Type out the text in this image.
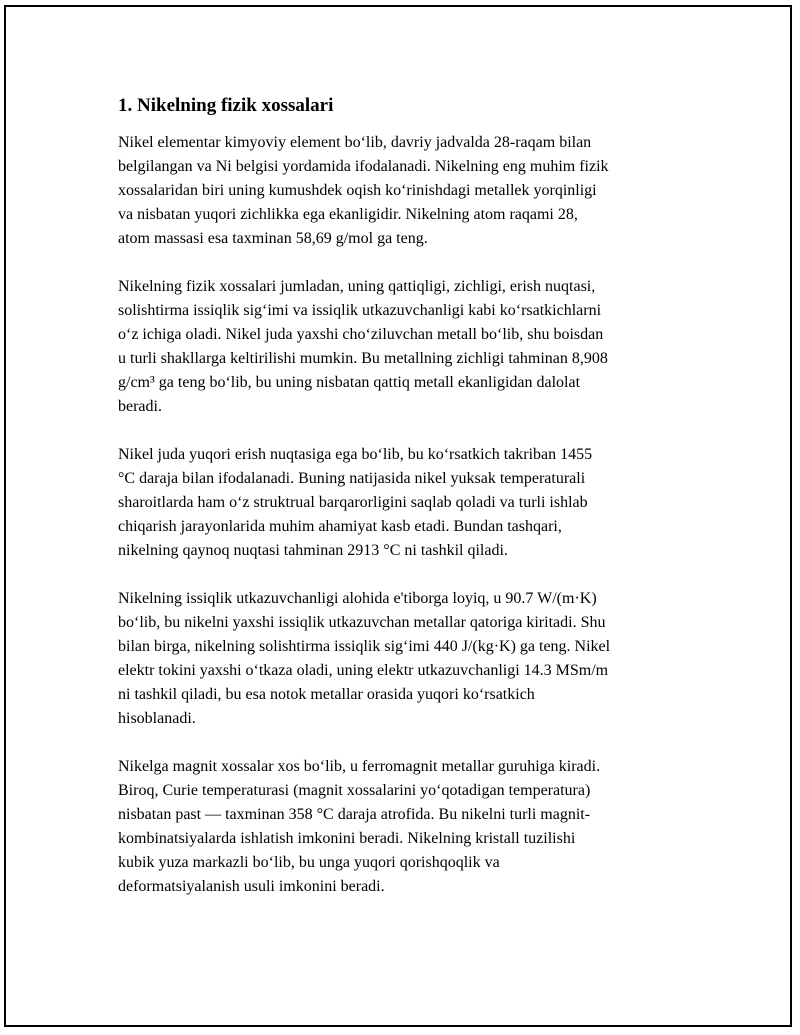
1. Nikelning fizik xossalari

Nikel elementar kimyoviy element bo‘lib, davriy jadvalda 28-raqam bilan
belgilangan va Ni belgisi yordamida ifodalanadi. Nikelning eng muhim fizik
xossalaridan biri uning kumushdek oqish ko‘rinishdagi metallek yorqinligi
va nisbatan yuqori zichlikka ega ekanligidir. Nikelning atom raqami 28,
atom massasi esa taxminan 58,69 g/mol ga teng.

Nikelning fizik xossalari jumladan, uning qattiqligi, zichligi, erish nuqtasi,
solishtirma issiqlik sig‘imi va issiqlik utkazuvchanligi kabi ko‘rsatkichlarni
o‘z ichiga oladi. Nikel juda yaxshi cho‘ziluvchan metall bo‘lib, shu boisdan
u turli shakllarga keltirilishi mumkin. Bu metallning zichligi tahminan 8,908
g/cm³ ga teng bo‘lib, bu uning nisbatan qattiq metall ekanligidan dalolat
beradi.

Nikel juda yuqori erish nuqtasiga ega bo‘lib, bu ko‘rsatkich takriban 1455
°C daraja bilan ifodalanadi. Buning natijasida nikel yuksak temperaturali
sharoitlarda ham o‘z struktrual barqarorligini saqlab qoladi va turli ishlab
chiqarish jarayonlarida muhim ahamiyat kasb etadi. Bundan tashqari,
nikelning qaynoq nuqtasi tahminan 2913 °C ni tashkil qiladi.

Nikelning issiqlik utkazuvchanligi alohida e'tiborga loyiq, u 90.7 W/(m·K)
bo‘lib, bu nikelni yaxshi issiqlik utkazuvchan metallar qatoriga kiritadi. Shu
bilan birga, nikelning solishtirma issiqlik sig‘imi 440 J/(kg·K) ga teng. Nikel
elektr tokini yaxshi o‘tkaza oladi, uning elektr utkazuvchanligi 14.3 MSm/m
ni tashkil qiladi, bu esa notok metallar orasida yuqori ko‘rsatkich
hisoblanadi.

Nikelga magnit xossalar xos bo‘lib, u ferromagnit metallar guruhiga kiradi.
Biroq, Curie temperaturasi (magnit xossalarini yo‘qotadigan temperatura)
nisbatan past — taxminan 358 °C daraja atrofida. Bu nikelni turli magnit-
kombinatsiyalarda ishlatish imkonini beradi. Nikelning kristall tuzilishi
kubik yuza markazli bo‘lib, bu unga yuqori qorishqoqlik va
deformatsiyalanish usuli imkonini beradi.
